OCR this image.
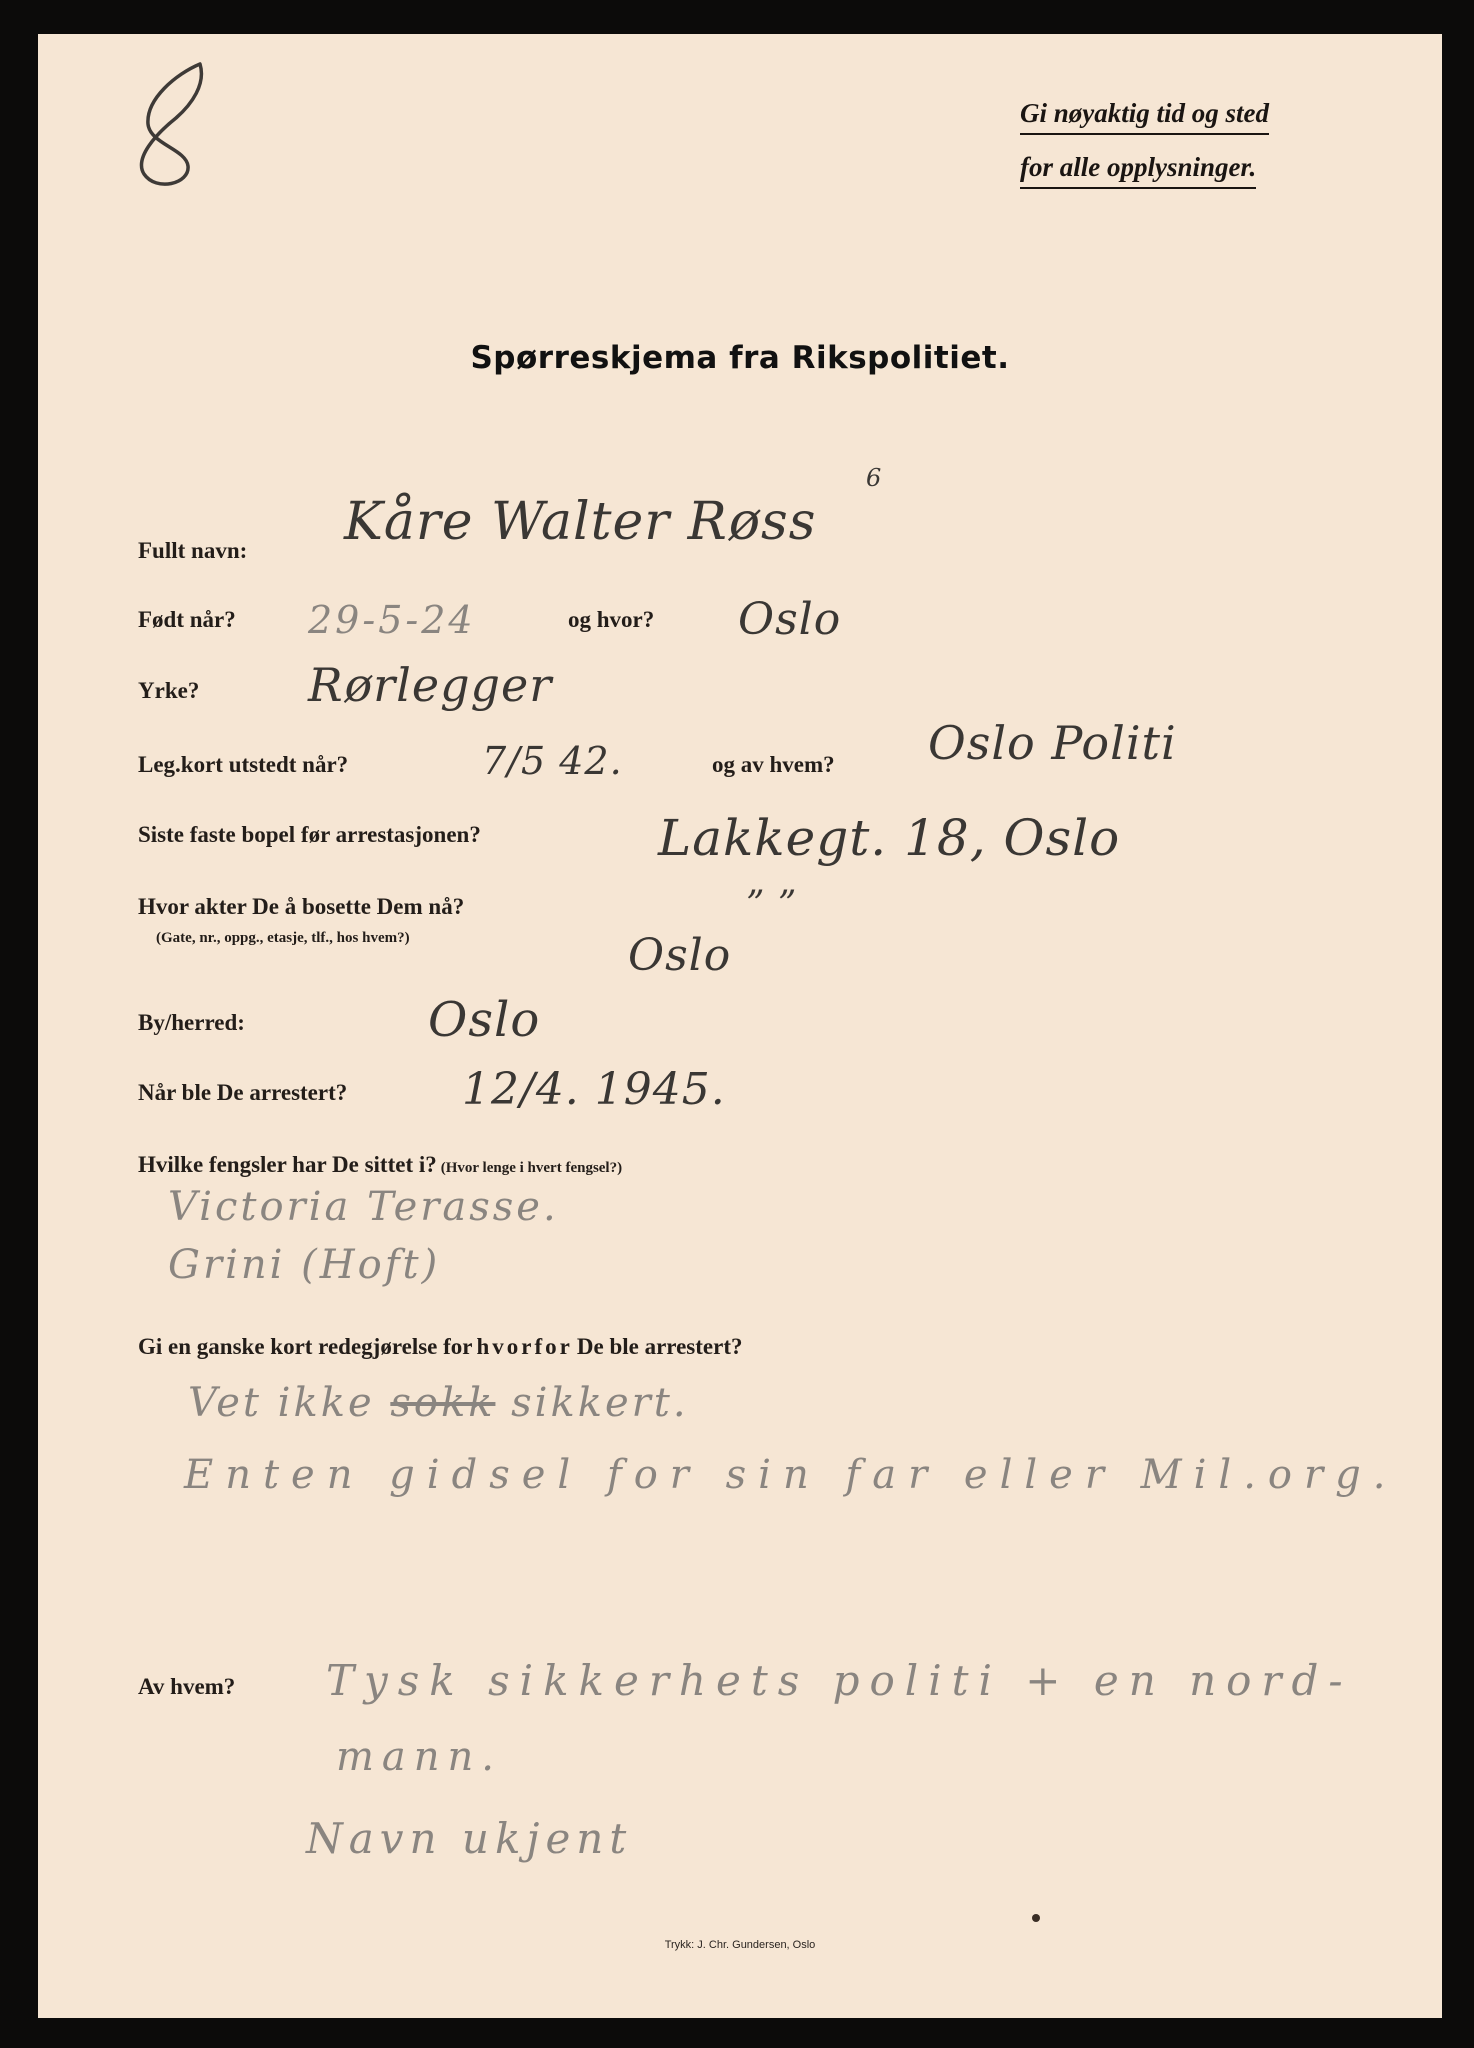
Gi nøyaktig tid og sted
for alle opplysninger.
Spørreskjema fra Rikspolitiet.
Fullt navn: Kåre Walter Røss
6
Født når? 29-5-24	og hvor? Oslo
Yrke? Rørlegger
Leg.kort utstedt når?	7/5 42.	og av hvem? Oslo Politi
Siste faste bopel før arrestasjonen?	Lakkegt. 18, Oslo
Hvor akter De å bosette Dem nå?
(Gate, nr., oppg., etasje, tlf., hos hvem?)
” ”
Oslo
By/herred:	Oslo
Når ble De arrestert?	12/4. 1945.
Hvilke fengsler har De sittet i? (Hvor lenge i hvert fengsel?)
Victoria Terasse.
Grini (Hoft)
Gi en ganske kort redegjørelse for hvorfor De ble arrestert?
Vet ikke sokk sikkert.
Enten gidsel for sin far eller Mil.org.
Av hvem? Tysk sikkerhets politi + en nord-
mann.
Navn ukjent
Trykk: J. Chr. Gundersen, Oslo
